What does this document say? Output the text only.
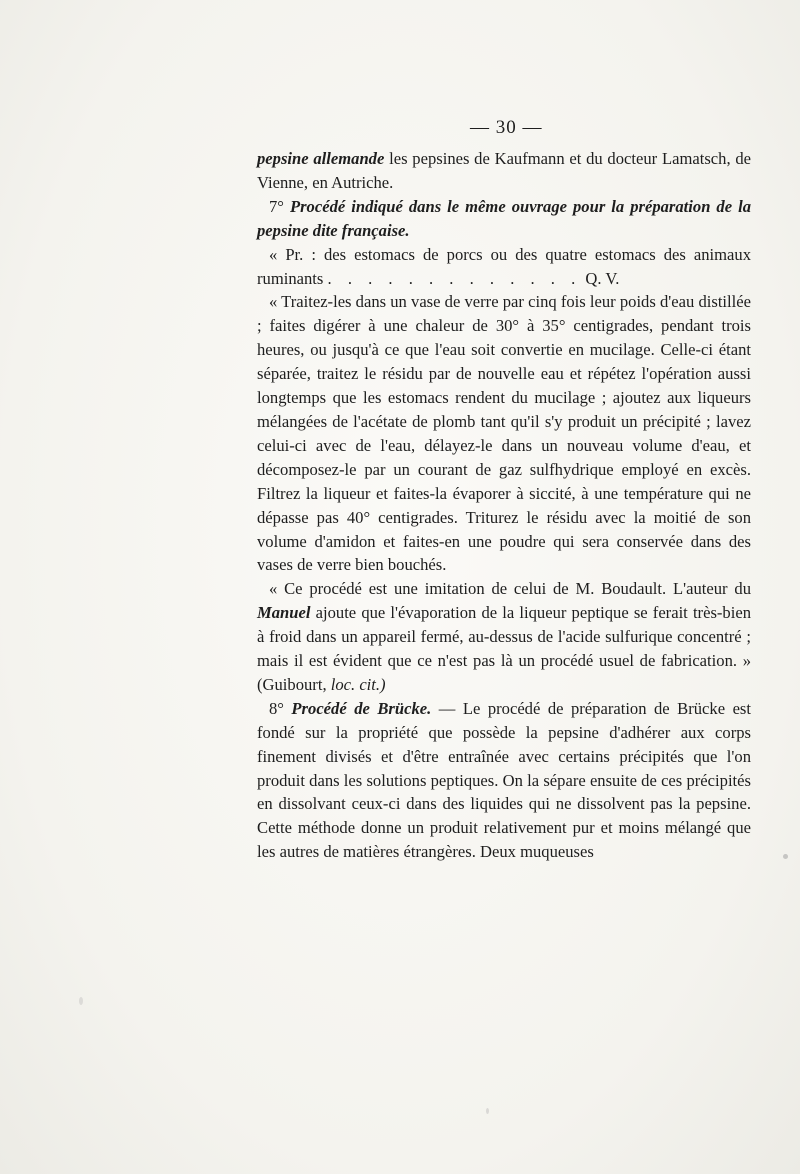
— 30 —

pepsine allemande les pepsines de Kaufmann et du docteur Lamatsch, de Vienne, en Autriche.

7° Procédé indiqué dans le même ouvrage pour la préparation de la pepsine dite française.

« Pr. : des estomacs de porcs ou des quatre estomacs des animaux ruminants . . . . . . . . . . . . . Q. V.

« Traitez-les dans un vase de verre par cinq fois leur poids d'eau distillée ; faites digérer à une chaleur de 30° à 35° centigrades, pendant trois heures, ou jusqu'à ce que l'eau soit convertie en mucilage. Celle-ci étant séparée, traitez le résidu par de nouvelle eau et répétez l'opération aussi longtemps que les estomacs rendent du mucilage ; ajoutez aux liqueurs mélangées de l'acétate de plomb tant qu'il s'y produit un précipité ; lavez celui-ci avec de l'eau, délayez-le dans un nouveau volume d'eau, et décomposez-le par un courant de gaz sulfhydrique employé en excès. Filtrez la liqueur et faites-la évaporer à siccité, à une température qui ne dépasse pas 40° centigrades. Triturez le résidu avec la moitié de son volume d'amidon et faites-en une poudre qui sera conservée dans des vases de verre bien bouchés.

« Ce procédé est une imitation de celui de M. Boudault. L'auteur du Manuel ajoute que l'évaporation de la liqueur peptique se ferait très-bien à froid dans un appareil fermé, au-dessus de l'acide sulfurique concentré ; mais il est évident que ce n'est pas là un procédé usuel de fabrication. » (Guibourt, loc. cit.)

8° Procédé de Brücke. — Le procédé de préparation de Brücke est fondé sur la propriété que possède la pepsine d'adhérer aux corps finement divisés et d'être entraînée avec certains précipités que l'on produit dans les solutions peptiques. On la sépare ensuite de ces précipités en dissolvant ceux-ci dans des liquides qui ne dissolvent pas la pepsine. Cette méthode donne un produit relativement pur et moins mélangé que les autres de matières étrangères. Deux muqueuses
